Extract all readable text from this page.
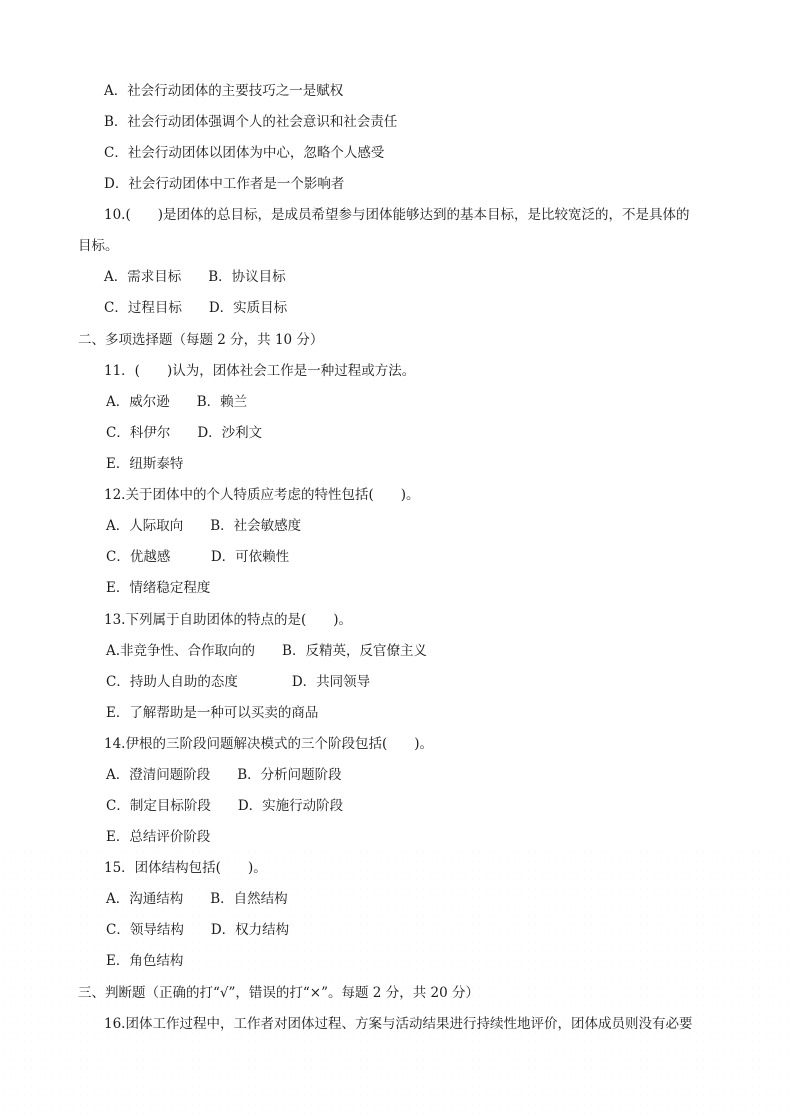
A．社会行动团体的主要技巧之一是赋权
B．社会行动团体强调个人的社会意识和社会责任
C．社会行动团体以团体为中心，忽略个人感受
D．社会行动团体中工作者是一个影响者
10.(　　)是团体的总目标，是成员希望参与团体能够达到的基本目标，是比较宽泛的，不是具体的
目标。
A．需求目标　　B．协议目标
C．过程目标　　D．实质目标
二、多项选择题（每题 2 分，共 10 分）
11．(　　)认为，团体社会工作是一种过程或方法。
A．威尔逊　　B．赖兰
C．科伊尔　　D．沙利文
E．纽斯泰特
12.关于团体中的个人特质应考虑的特性包括(　　)。
A．人际取向　　B．社会敏感度
C．优越感　　　D．可依赖性
E．情绪稳定程度
13.下列属于自助团体的特点的是(　　)。
A.非竞争性、合作取向的　　B．反精英，反官僚主义
C．持助人自助的态度　　　　D．共同领导
E．了解帮助是一种可以买卖的商品
14.伊根的三阶段问题解决模式的三个阶段包括(　　)。
A．澄清问题阶段　　B．分析问题阶段
C．制定目标阶段　　D．实施行动阶段
E．总结评价阶段
15．团体结构包括(　　)。
A．沟通结构　　B．自然结构
C．领导结构　　D．权力结构
E．角色结构
三、判断题（正确的打“√”，错误的打“×”。每题 2 分，共 20 分）
16.团体工作过程中，工作者对团体过程、方案与活动结果进行持续性地评价，团体成员则没有必要
